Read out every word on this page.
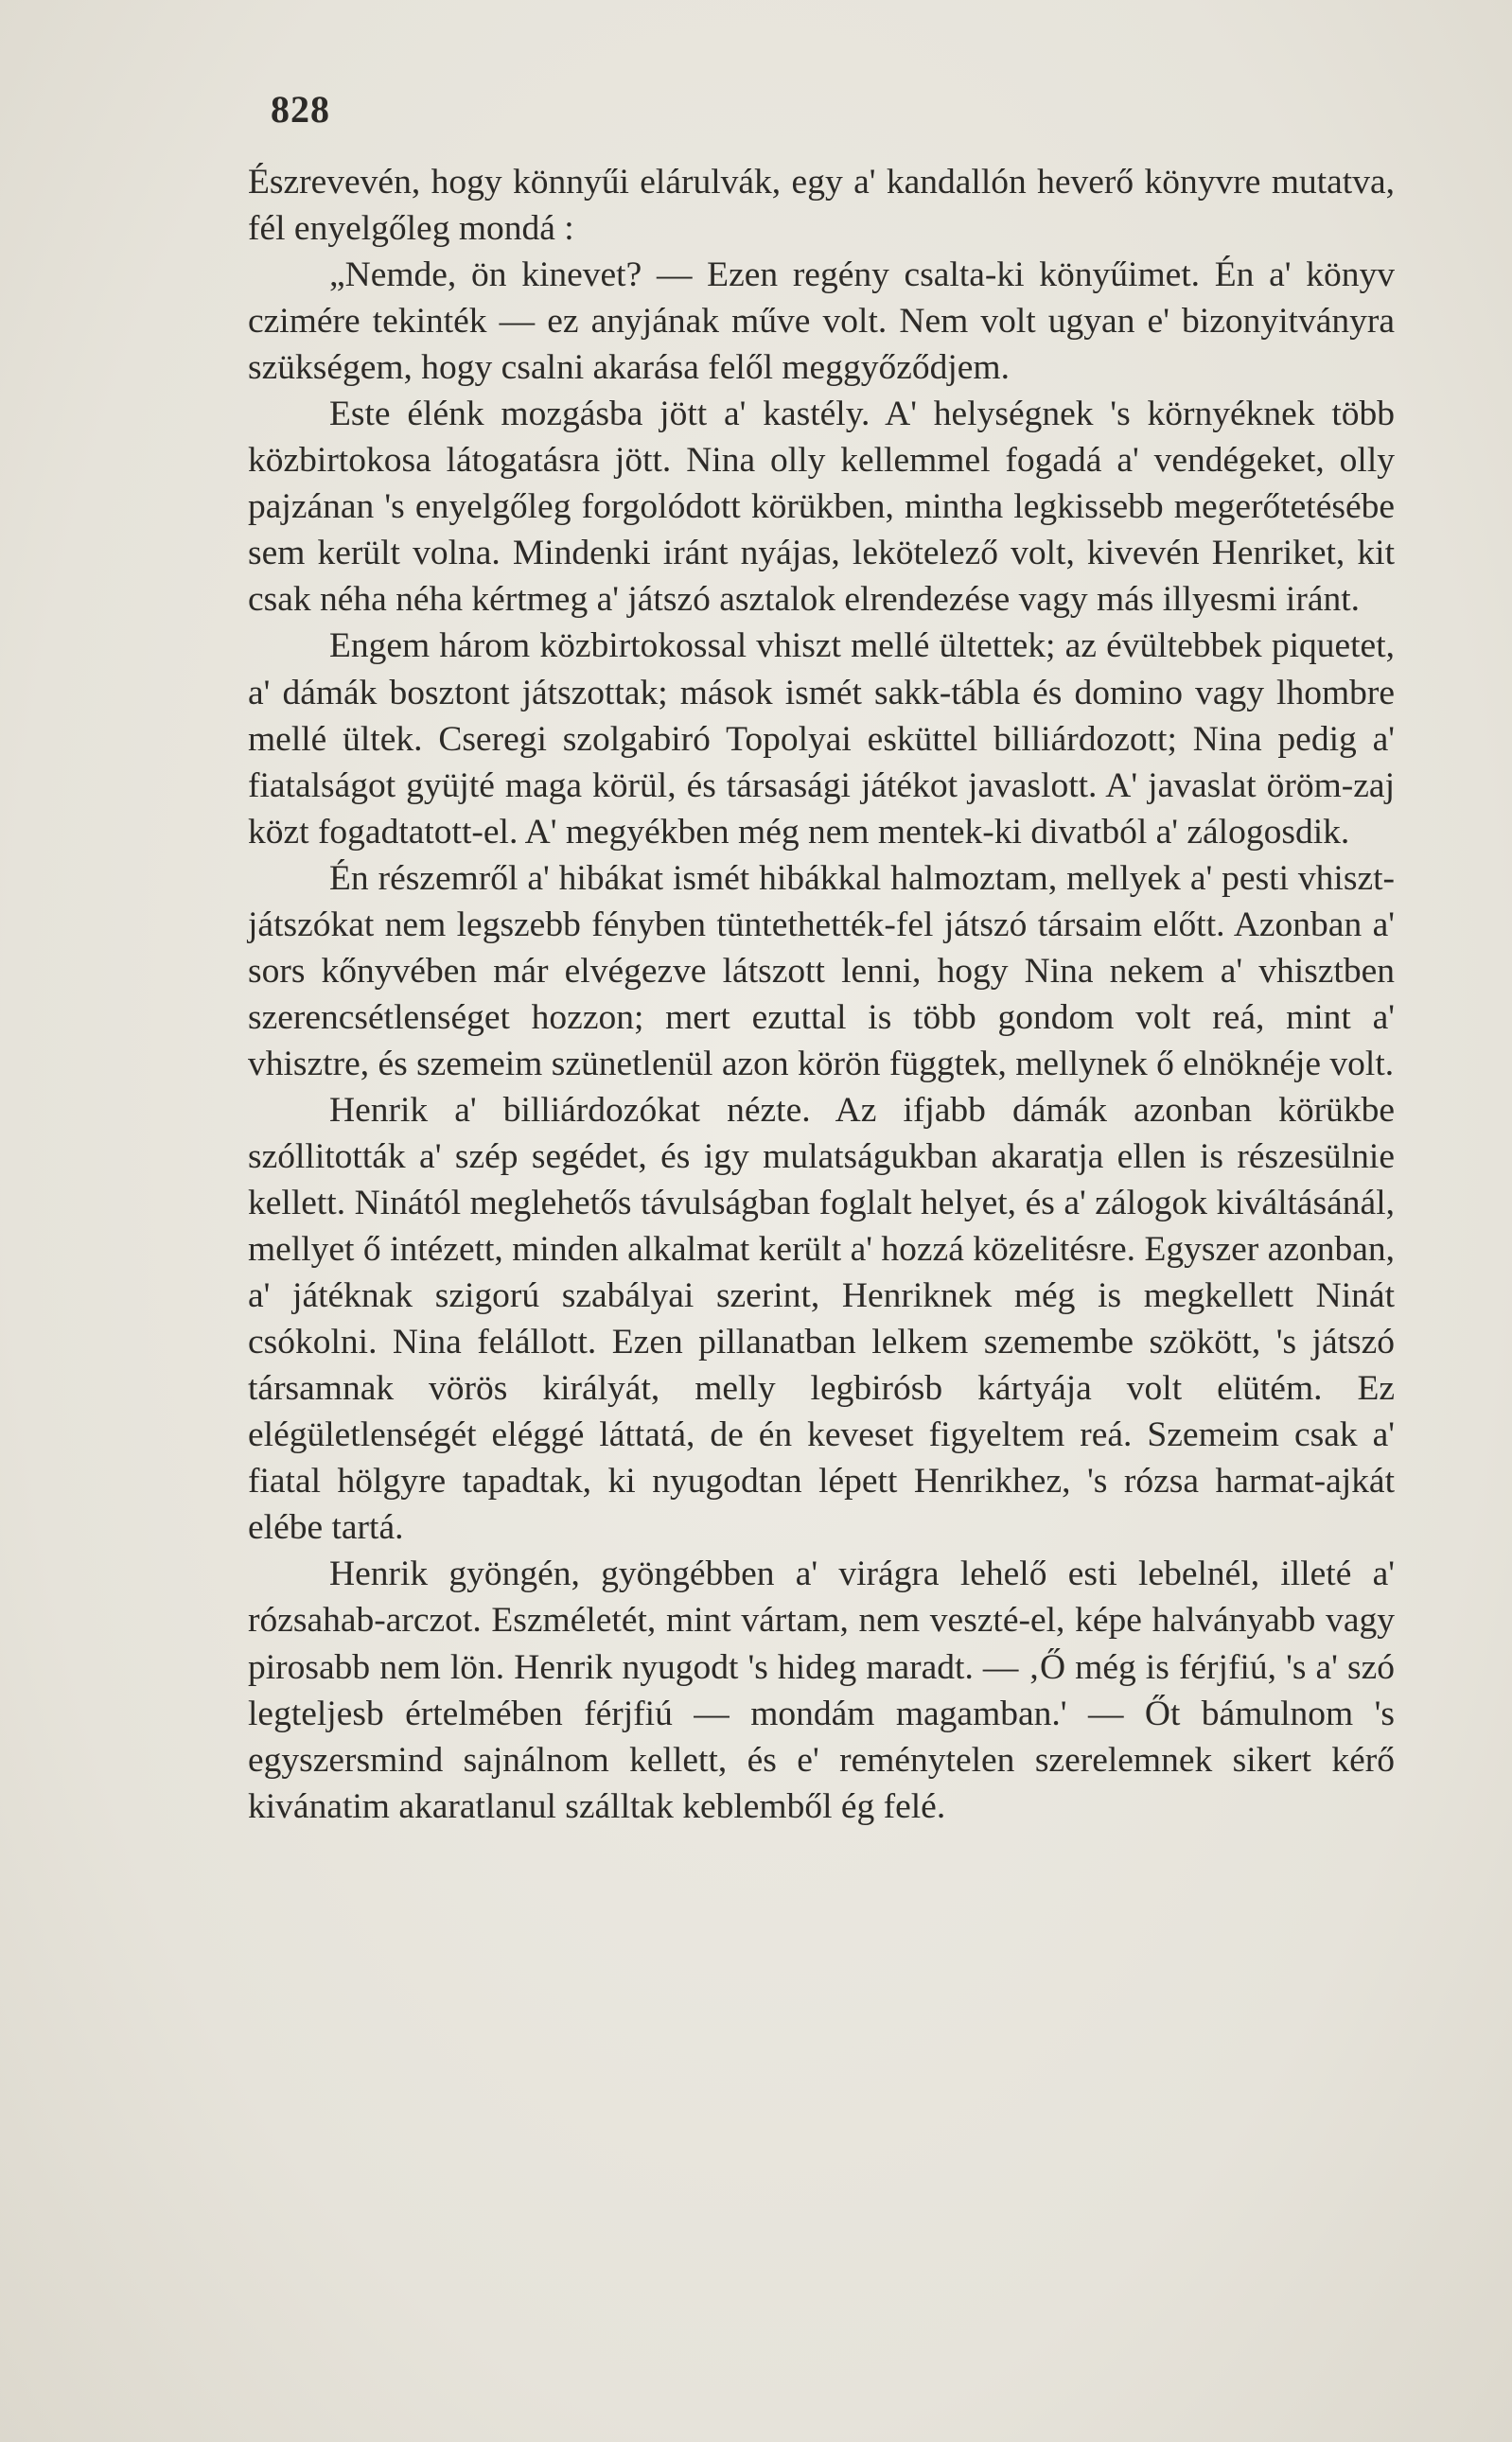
828

Észrevevén, hogy könnyűi elárulvák, egy a' kandallón heverő könyvre mutatva, fél enyelgőleg mondá :

„Nemde, ön kinevet? — Ezen regény csalta-ki könyűimet. Én a' könyv czimére tekinték — ez anyjának műve volt. Nem volt ugyan e' bizonyitványra szükségem, hogy csalni akarása felől meggyőződjem.

Este élénk mozgásba jött a' kastély. A' helységnek 's környéknek több közbirtokosa látogatásra jött. Nina olly kellemmel fogadá a' vendégeket, olly pajzánan 's enyelgőleg forgolódott körükben, mintha legkissebb megerőtetésébe sem került volna. Mindenki iránt nyájas, lekötelező volt, kivevén Henriket, kit csak néha néha kértmeg a' játszó asztalok elrendezése vagy más illyesmi iránt.

Engem három közbirtokossal vhiszt mellé ültettek; az évültebbek piquetet, a' dámák bosztont játszottak; mások ismét sakk-tábla és domino vagy lhombre mellé ültek. Cseregi szolgabiró Topolyai esküttel billiárdozott; Nina pedig a' fiatalságot gyüjté maga körül, és társasági játékot javaslott. A' javaslat öröm-zaj közt fogadtatott-el. A' megyékben még nem mentek-ki divatból a' zálogosdik.

Én részemről a' hibákat ismét hibákkal halmoztam, mellyek a' pesti vhiszt-játszókat nem legszebb fényben tüntethették-fel játszó társaim előtt. Azonban a' sors kőnyvében már elvégezve látszott lenni, hogy Nina nekem a' vhisztben szerencsétlenséget hozzon; mert ezuttal is több gondom volt reá, mint a' vhisztre, és szemeim szünetlenül azon körön függtek, mellynek ő elnöknéje volt.

Henrik a' billiárdozókat nézte. Az ifjabb dámák azonban körükbe szóllitották a' szép segédet, és igy mulatságukban akaratja ellen is részesülnie kellett. Ninától meglehetős távulságban foglalt helyet, és a' zálogok kiváltásánál, mellyet ő intézett, minden alkalmat került a' hozzá közelitésre. Egyszer azonban, a' játéknak szigorú szabályai szerint, Henriknek még is megkellett Ninát csókolni. Nina felállott. Ezen pillanatban lelkem szemembe szökött, 's játszó társamnak vörös királyát, melly legbirósb kártyája volt elütém. Ez elégületlenségét eléggé láttatá, de én keveset figyeltem reá. Szemeim csak a' fiatal hölgyre tapadtak, ki nyugodtan lépett Henrikhez, 's rózsa harmat-ajkát elébe tartá.

Henrik gyöngén, gyöngébben a' virágra lehelő esti lebelnél, illeté a' rózsahab-arczot. Eszméletét, mint vártam, nem veszté-el, képe halványabb vagy pirosabb nem lön. Henrik nyugodt 's hideg maradt. — ‚Ő még is férjfiú, 's a' szó legteljesb értelmében férjfiú — mondám magamban.' — Őt bámulnom 's egyszersmind sajnálnom kellett, és e' reménytelen szerelemnek sikert kérő kivánatim akaratlanul szálltak keblemből ég felé.
